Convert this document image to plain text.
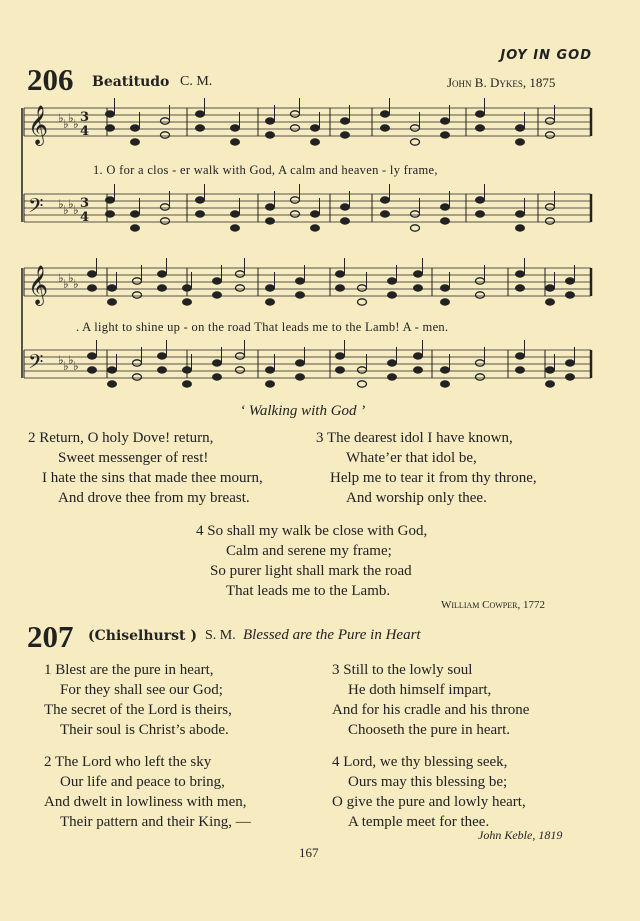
JOY IN GOD
206 Beatitudo C. M.	John B. Dykes, 1875
𝄞 ♭ ♭ ♭ ♭ 3
4
𝄢 ♭ ♭ ♭ ♭ 3
4
𝄞 ♭ ♭ ♭ ♭
𝄢 ♭ ♭ ♭ ♭
1. O for a clos - er walk with God, A calm and heaven - ly frame,
. A light to shine up - on the road That leads me to the Lamb! A - men.
‘ Walking with God ’
2 Return, O holy Dove! return,
Sweet messenger of rest!
I hate the sins that made thee mourn,
And drove thee from my breast.
3 The dearest idol I have known,
Whate’er that idol be,
Help me to tear it from thy throne,
And worship only thee.
4 So shall my walk be close with God,
Calm and serene my frame;
So purer light shall mark the road
That leads me to the Lamb.
William Cowper, 1772
207 (Chiselhurst ) S. M. Blessed are the Pure in Heart
1 Blest are the pure in heart,
For they shall see our God;
The secret of the Lord is theirs,
Their soul is Christ’s abode.
3 Still to the lowly soul
He doth himself impart,
And for his cradle and his throne
Chooseth the pure in heart.
2 The Lord who left the sky
Our life and peace to bring,
And dwelt in lowliness with men,
Their pattern and their King, —
4 Lord, we thy blessing seek,
Ours may this blessing be;
O give the pure and lowly heart,
A temple meet for thee.
John Keble, 1819
167
